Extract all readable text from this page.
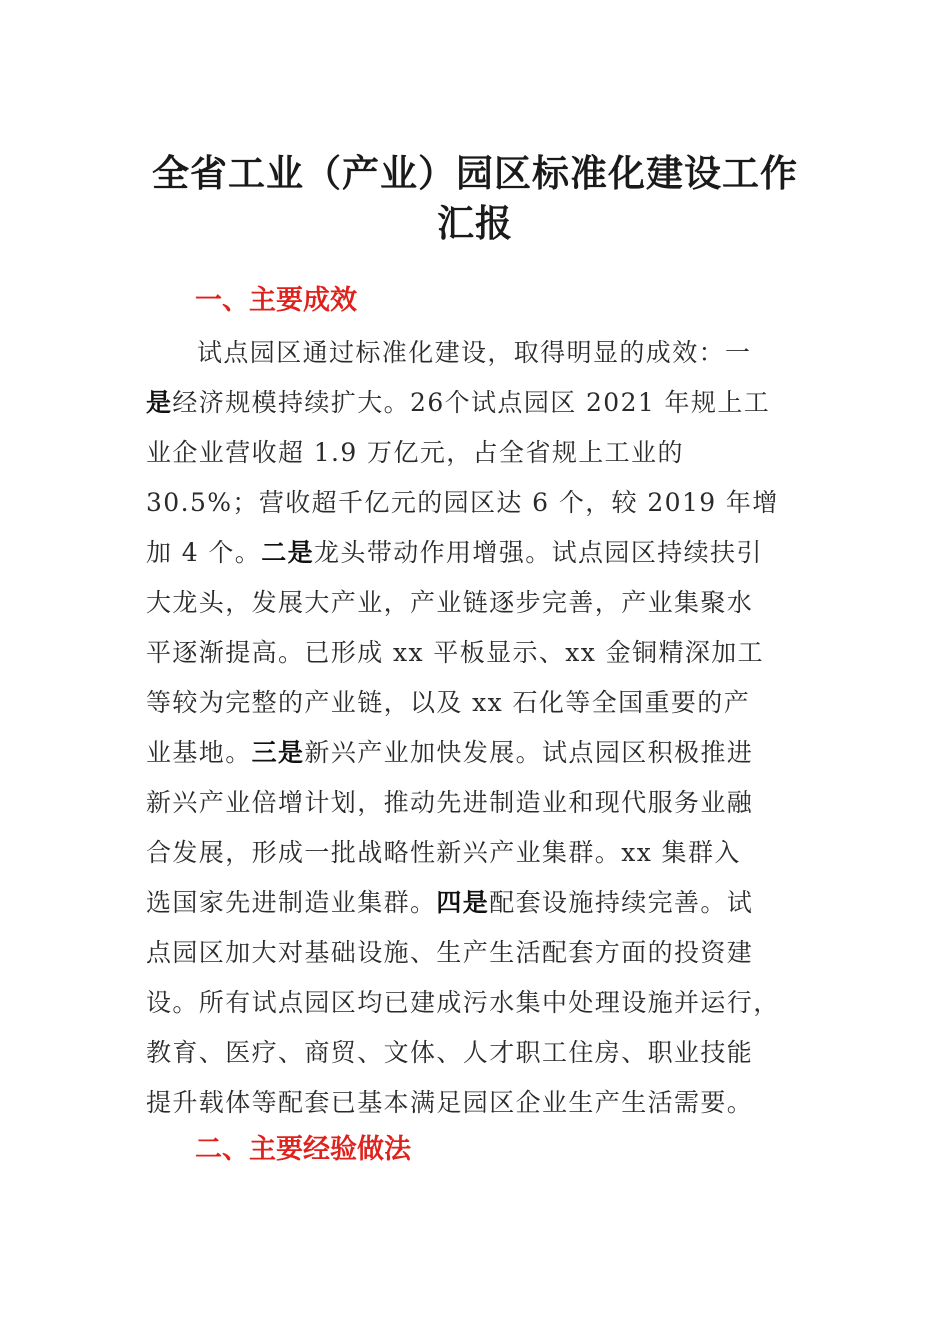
全省工业（产业）园区标准化建设工作
汇报
一、主要成效
试点园区通过标准化建设，取得明显的成效：一
是经济规模持续扩大。26个试点园区 2021 年规上工
业企业营收超 1.9 万亿元，占全省规上工业的
30.5%；营收超千亿元的园区达 6 个，较 2019 年增
加 4 个。二是龙头带动作用增强。试点园区持续扶引
大龙头，发展大产业，产业链逐步完善，产业集聚水
平逐渐提高。已形成 xx 平板显示、xx 金铜精深加工
等较为完整的产业链，以及 xx 石化等全国重要的产
业基地。三是新兴产业加快发展。试点园区积极推进
新兴产业倍增计划，推动先进制造业和现代服务业融
合发展，形成一批战略性新兴产业集群。xx 集群入
选国家先进制造业集群。四是配套设施持续完善。试
点园区加大对基础设施、生产生活配套方面的投资建
设。所有试点园区均已建成污水集中处理设施并运行，
教育、医疗、商贸、文体、人才职工住房、职业技能
提升载体等配套已基本满足园区企业生产生活需要。
二、主要经验做法
